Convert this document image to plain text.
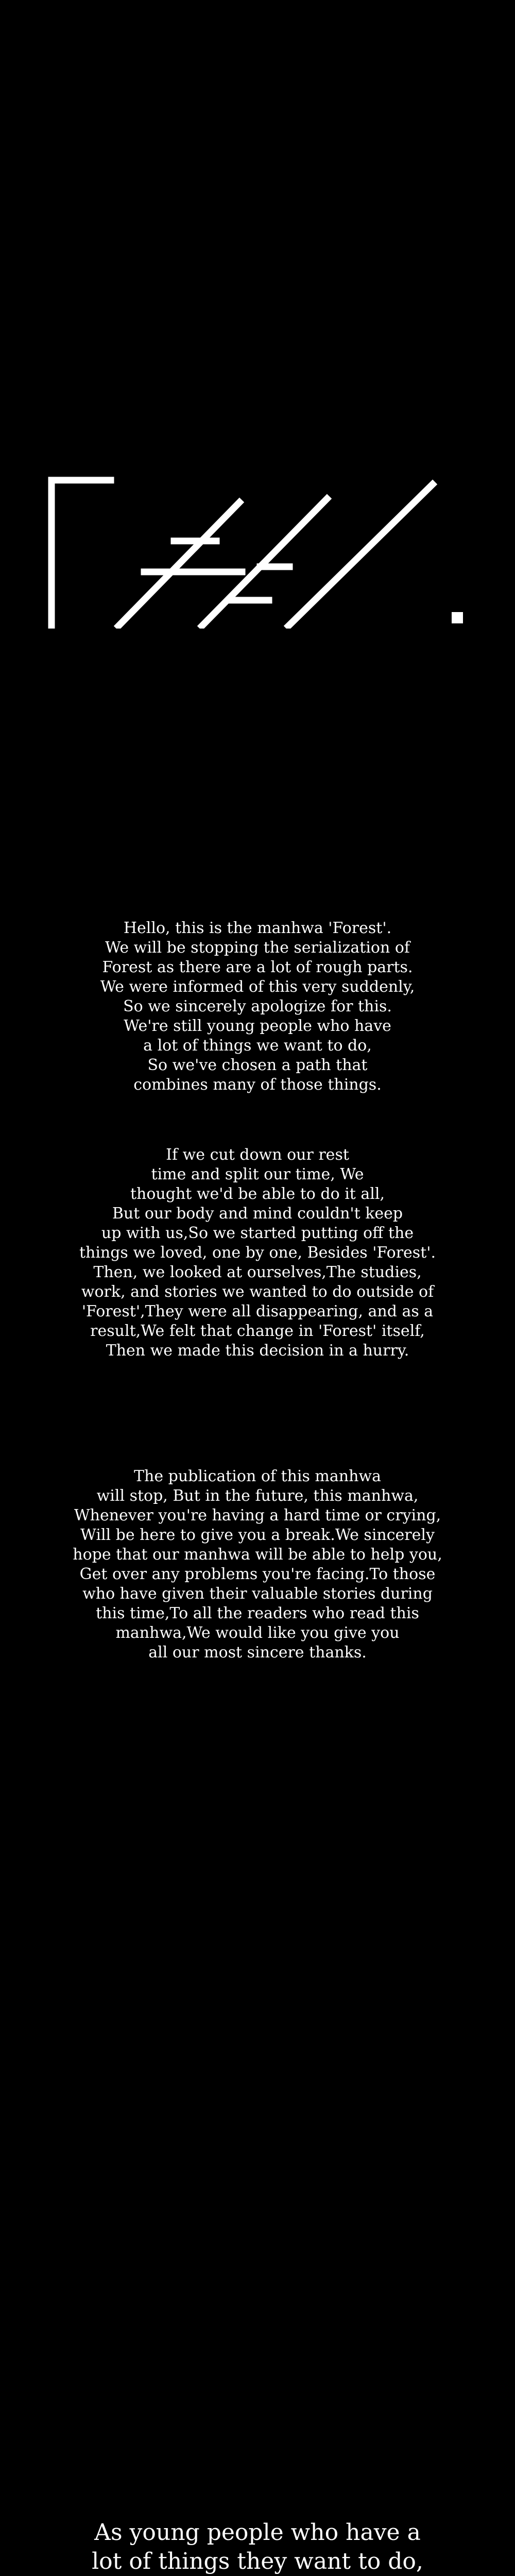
Hello, this is the manhwa 'Forest'.
We will be stopping the serialization of
Forest as there are a lot of rough parts.
We were informed of this very suddenly,
So we sincerely apologize for this.
We're still young people who have
a lot of things we want to do,
So we've chosen a path that
combines many of those things.

If we cut down our rest
time and split our time, We
thought we'd be able to do it all,
But our body and mind couldn't keep
up with us,So we started putting off the
things we loved, one by one, Besides 'Forest'.
Then, we looked at ourselves,The studies,
work, and stories we wanted to do outside of
'Forest',They were all disappearing, and as a
result,We felt that change in 'Forest' itself,
Then we made this decision in a hurry.

The publication of this manhwa
will stop, But in the future, this manhwa,
Whenever you're having a hard time or crying,
Will be here to give you a break.We sincerely
hope that our manhwa will be able to help you,
Get over any problems you're facing.To those
who have given their valuable stories during
this time,To all the readers who read this
manhwa,We would like you give you
all our most sincere thanks.

As young people who have a
lot of things they want to do,
